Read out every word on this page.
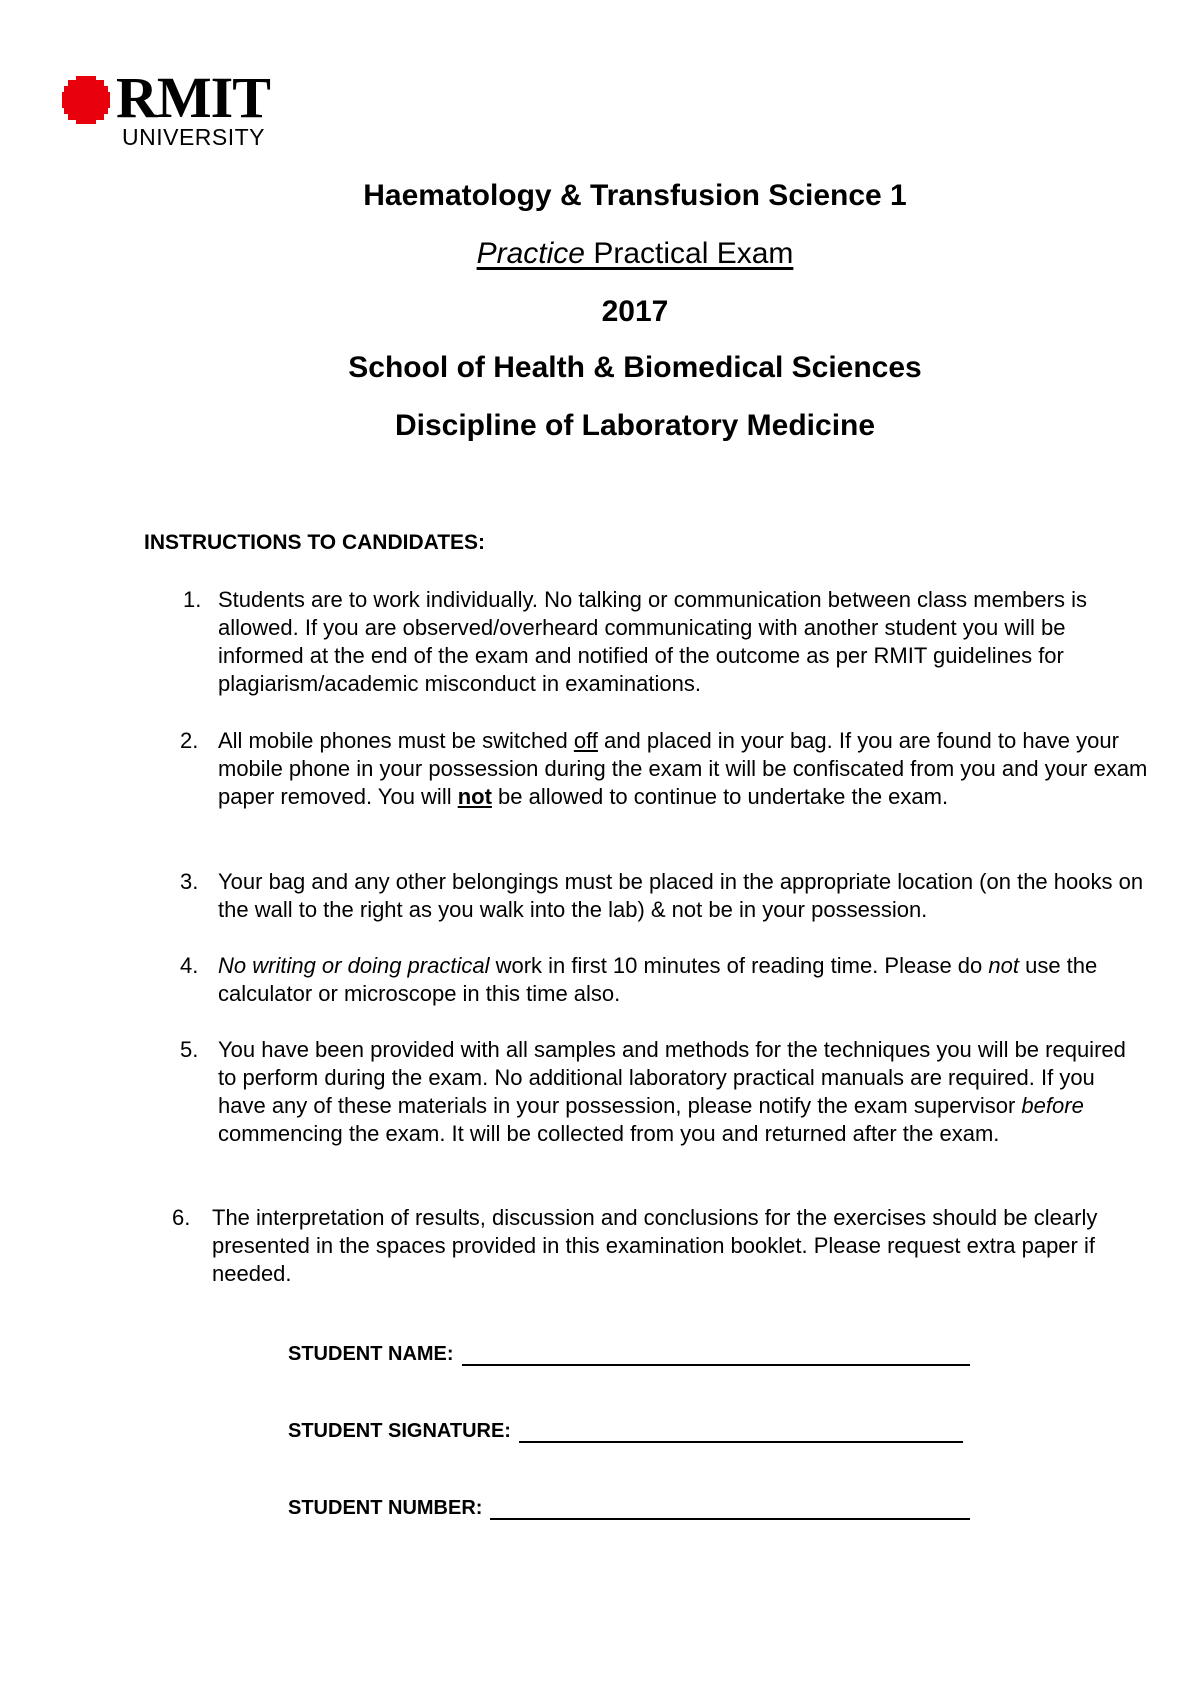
RMIT
UNIVERSITY
Haematology & Transfusion Science 1
Practice Practical Exam
2017
School of Health & Biomedical Sciences
Discipline of Laboratory Medicine
INSTRUCTIONS TO CANDIDATES:
1. Students are to work individually. No talking or communication between class members is allowed. If you are observed/overheard communicating with another student you will be informed at the end of the exam and notified of the outcome as per RMIT guidelines for plagiarism/academic misconduct in examinations.
2. All mobile phones must be switched off and placed in your bag. If you are found to have your mobile phone in your possession during the exam it will be confiscated from you and your exam paper removed. You will not be allowed to continue to undertake the exam.
3. Your bag and any other belongings must be placed in the appropriate location (on the hooks on the wall to the right as you walk into the lab) & not be in your possession.
4. No writing or doing practical work in first 10 minutes of reading time. Please do not use the calculator or microscope in this time also.
5. You have been provided with all samples and methods for the techniques you will be required to perform during the exam. No additional laboratory practical manuals are required. If you have any of these materials in your possession, please notify the exam supervisor before commencing the exam. It will be collected from you and returned after the exam.
6. The interpretation of results, discussion and conclusions for the exercises should be clearly presented in the spaces provided in this examination booklet. Please request extra paper if needed.
STUDENT NAME:
STUDENT SIGNATURE:
STUDENT NUMBER:
